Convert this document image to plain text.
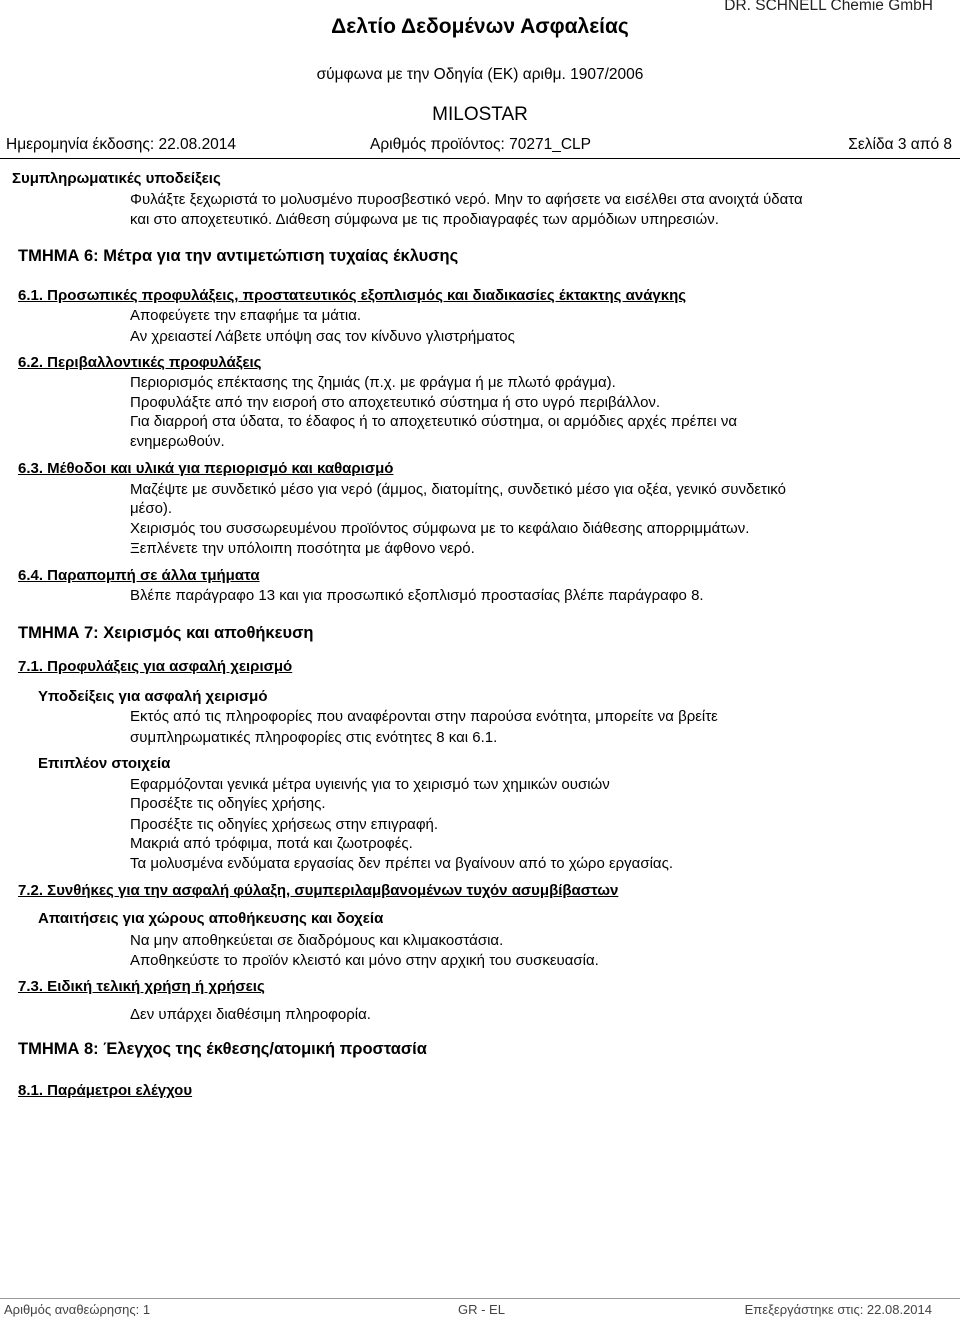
DR. SCHNELL Chemie GmbH
Δελτίο Δεδομένων Ασφαλείας
σύμφωνα με την Οδηγία (ΕΚ) αριθμ. 1907/2006
MILOSTAR
Ημερομηνία έκδοσης: 22.08.2014	Αριθμός προϊόντος: 70271_CLP	Σελίδα 3 από 8
Συμπληρωματικές υποδείξεις
Φυλάξτε ξεχωριστά το μολυσμένο πυροσβεστικό νερό. Μην το αφήσετε να εισέλθει στα ανοιχτά ύδατα
και στο αποχετευτικό. Διάθεση σύμφωνα με τις προδιαγραφές των αρμόδιων υπηρεσιών.
ΤΜΗΜΑ 6: Μέτρα για την αντιμετώπιση τυχαίας έκλυσης
6.1. Προσωπικές προφυλάξεις, προστατευτικός εξοπλισμός και διαδικασίες έκτακτης ανάγκης
Αποφεύγετε την επαφήμε τα μάτια.
Αν χρειαστεί Λάβετε υπόψη σας τον κίνδυνο γλιστρήματος
6.2. Περιβαλλοντικές προφυλάξεις
Περιορισμός επέκτασης της ζημιάς (π.χ. με φράγμα ή με πλωτό φράγμα).
Προφυλάξτε από την εισροή στο αποχετευτικό σύστημα ή στο υγρό περιβάλλον.
Για διαρροή στα ύδατα, το έδαφος ή το αποχετευτικό σύστημα, οι αρμόδιες αρχές πρέπει να
ενημερωθούν.
6.3. Μέθοδοι και υλικά για περιορισμό και καθαρισμό
Μαζέψτε με συνδετικό μέσο για νερό (άμμος, διατομίτης, συνδετικό μέσο για οξέα, γενικό συνδετικό
μέσο).
Χειρισμός του συσσωρευμένου προϊόντος σύμφωνα με το κεφάλαιο διάθεσης απορριμμάτων.
Ξεπλένετε την υπόλοιπη ποσότητα με άφθονο νερό.
6.4. Παραπομπή σε άλλα τμήματα
Βλέπε παράγραφο 13 και για προσωπικό εξοπλισμό προστασίας βλέπε παράγραφο 8.
ΤΜΗΜΑ 7: Χειρισμός και αποθήκευση
7.1. Προφυλάξεις για ασφαλή χειρισμό
Υποδείξεις για ασφαλή χειρισμό
Εκτός από τις πληροφορίες που αναφέρονται στην παρούσα ενότητα, μπορείτε να βρείτε
συμπληρωματικές πληροφορίες στις ενότητες 8 και 6.1.
Επιπλέον στοιχεία
Εφαρμόζονται γενικά μέτρα υγιεινής για το χειρισμό των χημικών ουσιών
Προσέξτε τις οδηγίες χρήσης.
Προσέξτε τις οδηγίες χρήσεως στην επιγραφή.
Μακριά από τρόφιμα, ποτά και ζωοτροφές.
Τα μολυσμένα ενδύματα εργασίας δεν πρέπει να βγαίνουν από το χώρο εργασίας.
7.2. Συνθήκες για την ασφαλή φύλαξη, συμπεριλαμβανομένων τυχόν ασυμβίβαστων
Απαιτήσεις για χώρους αποθήκευσης και δοχεία
Να μην αποθηκεύεται σε διαδρόμους και κλιμακοστάσια.
Αποθηκεύστε το προϊόν κλειστό και μόνο στην αρχική του συσκευασία.
7.3. Ειδική τελική χρήση ή χρήσεις
Δεν υπάρχει διαθέσιμη πληροφορία.
ΤΜΗΜΑ 8: Έλεγχος της έκθεσης/ατομική προστασία
8.1. Παράμετροι ελέγχου
Αριθμός αναθεώρησης: 1	GR - EL	Επεξεργάστηκε στις: 22.08.2014
